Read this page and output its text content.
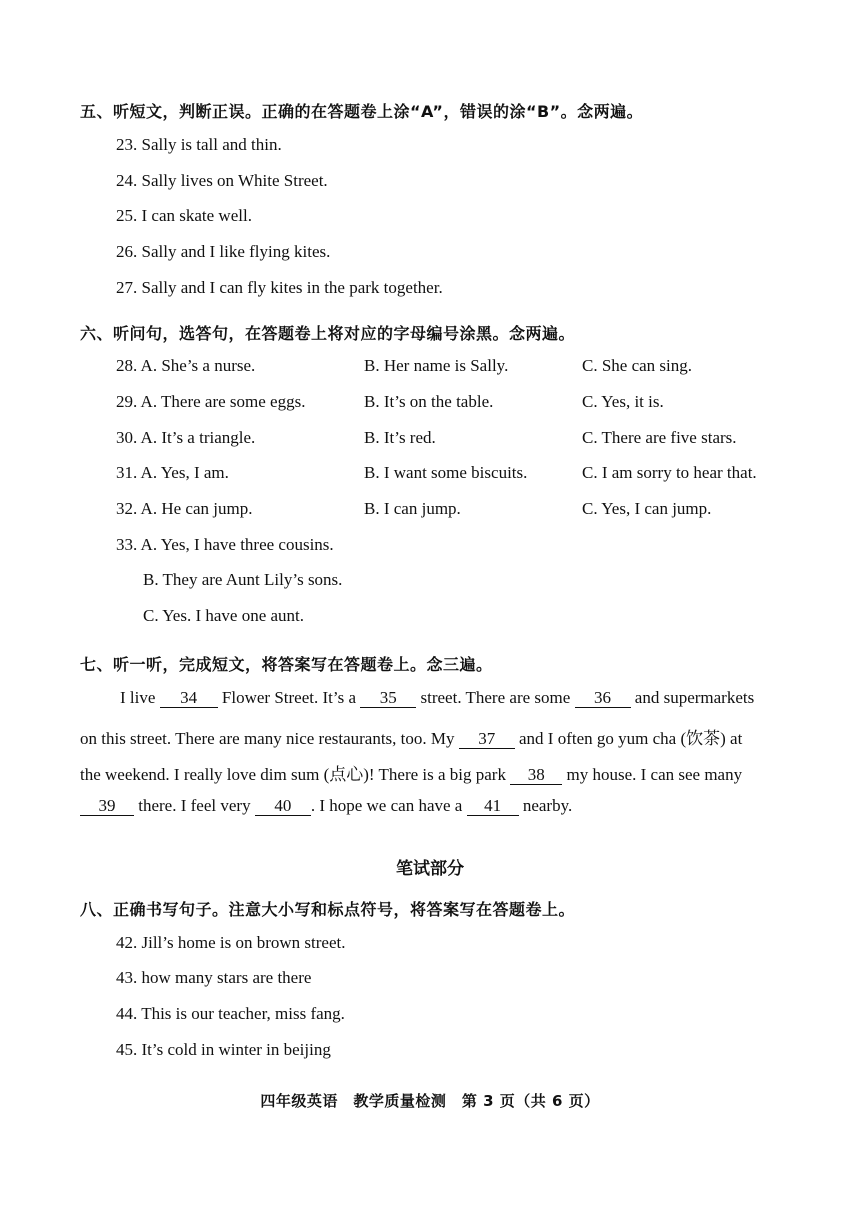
五、听短文，判断正误。正确的在答题卷上涂“A”，错误的涂“B”。念两遍。
23. Sally is tall and thin.
24. Sally lives on White Street.
25. I can skate well.
26. Sally and I like flying kites.
27. Sally and I can fly kites in the park together.
六、听问句，选答句，在答题卷上将对应的字母编号涂黑。念两遍。
28. A. She’s a nurse.	B. Her name is Sally.	C. She can sing.
29. A. There are some eggs.	B. It’s on the table.	C. Yes, it is.
30. A. It’s a triangle.	B. It’s red.	C. There are five stars.
31. A. Yes, I am.	B. I want some biscuits.	C. I am sorry to hear that.
32. A. He can jump.	B. I can jump.	C. Yes, I can jump.
33. A. Yes, I have three cousins.
B. They are Aunt Lily’s sons.
C. Yes. I have one aunt.
七、听一听，完成短文，将答案写在答题卷上。念三遍。
I live 34 Flower Street. It’s a 35 street. There are some 36 and supermarkets
on this street. There are many nice restaurants, too. My 37 and I often go yum cha (饮茶) at
the weekend. I really love dim sum (点心)! There is a big park 38 my house. I can see many
39 there. I feel very 40 . I hope we can have a 41 nearby.
笔试部分
八、正确书写句子。注意大小写和标点符号，将答案写在答题卷上。
42. Jill’s home is on brown street.
43. how many stars are there
44. This is our teacher, miss fang.
45. It’s cold in winter in beijing
四年级英语　教学质量检测　第 3 页（共 6 页）
